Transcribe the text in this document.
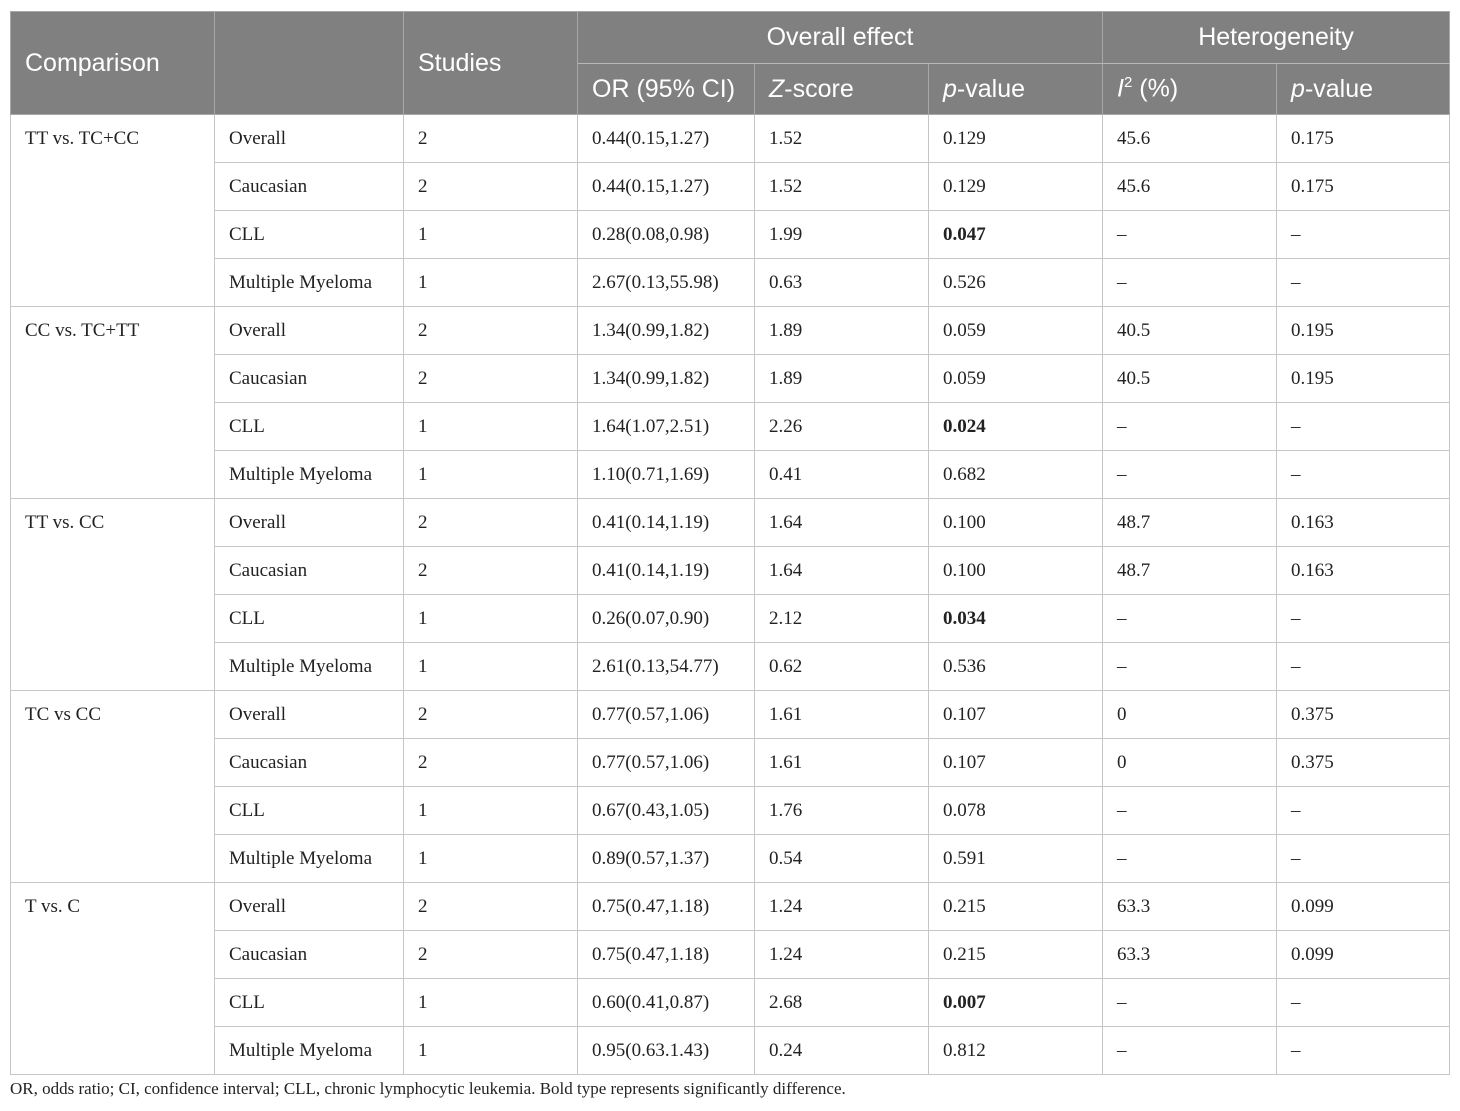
Comparison		Studies	Overall effect			Heterogeneity	
			OR (95% CI)	Z-score	p-value	$I^2$ (%)	p-value
TT vs. TC+CC	Overall	2	0.44(0.15,1.27)	1.52	0.129	45.6	0.175
	Caucasian	2	0.44(0.15,1.27)	1.52	0.129	45.6	0.175
	CLL	1	0.28(0.08,0.98)	1.99	0.047	–	–
	Multiple Myeloma	1	2.67(0.13,55.98)	0.63	0.526	–	–
CC vs. TC+TT	Overall	2	1.34(0.99,1.82)	1.89	0.059	40.5	0.195
	Caucasian	2	1.34(0.99,1.82)	1.89	0.059	40.5	0.195
	CLL	1	1.64(1.07,2.51)	2.26	0.024	–	–
	Multiple Myeloma	1	1.10(0.71,1.69)	0.41	0.682	–	–
TT vs. CC	Overall	2	0.41(0.14,1.19)	1.64	0.100	48.7	0.163
	Caucasian	2	0.41(0.14,1.19)	1.64	0.100	48.7	0.163
	CLL	1	0.26(0.07,0.90)	2.12	0.034	–	–
	Multiple Myeloma	1	2.61(0.13,54.77)	0.62	0.536	–	–
TC vs CC	Overall	2	0.77(0.57,1.06)	1.61	0.107	0	0.375
	Caucasian	2	0.77(0.57,1.06)	1.61	0.107	0	0.375
	CLL	1	0.67(0.43,1.05)	1.76	0.078	–	–
	Multiple Myeloma	1	0.89(0.57,1.37)	0.54	0.591	–	–
T vs. C	Overall	2	0.75(0.47,1.18)	1.24	0.215	63.3	0.099
	Caucasian	2	0.75(0.47,1.18)	1.24	0.215	63.3	0.099
	CLL	1	0.60(0.41,0.87)	2.68	0.007	–	–
	Multiple Myeloma	1	0.95(0.63.1.43)	0.24	0.812	–	–
OR, odds ratio; CI, confidence interval; CLL, chronic lymphocytic leukemia. Bold type represents significantly difference.
